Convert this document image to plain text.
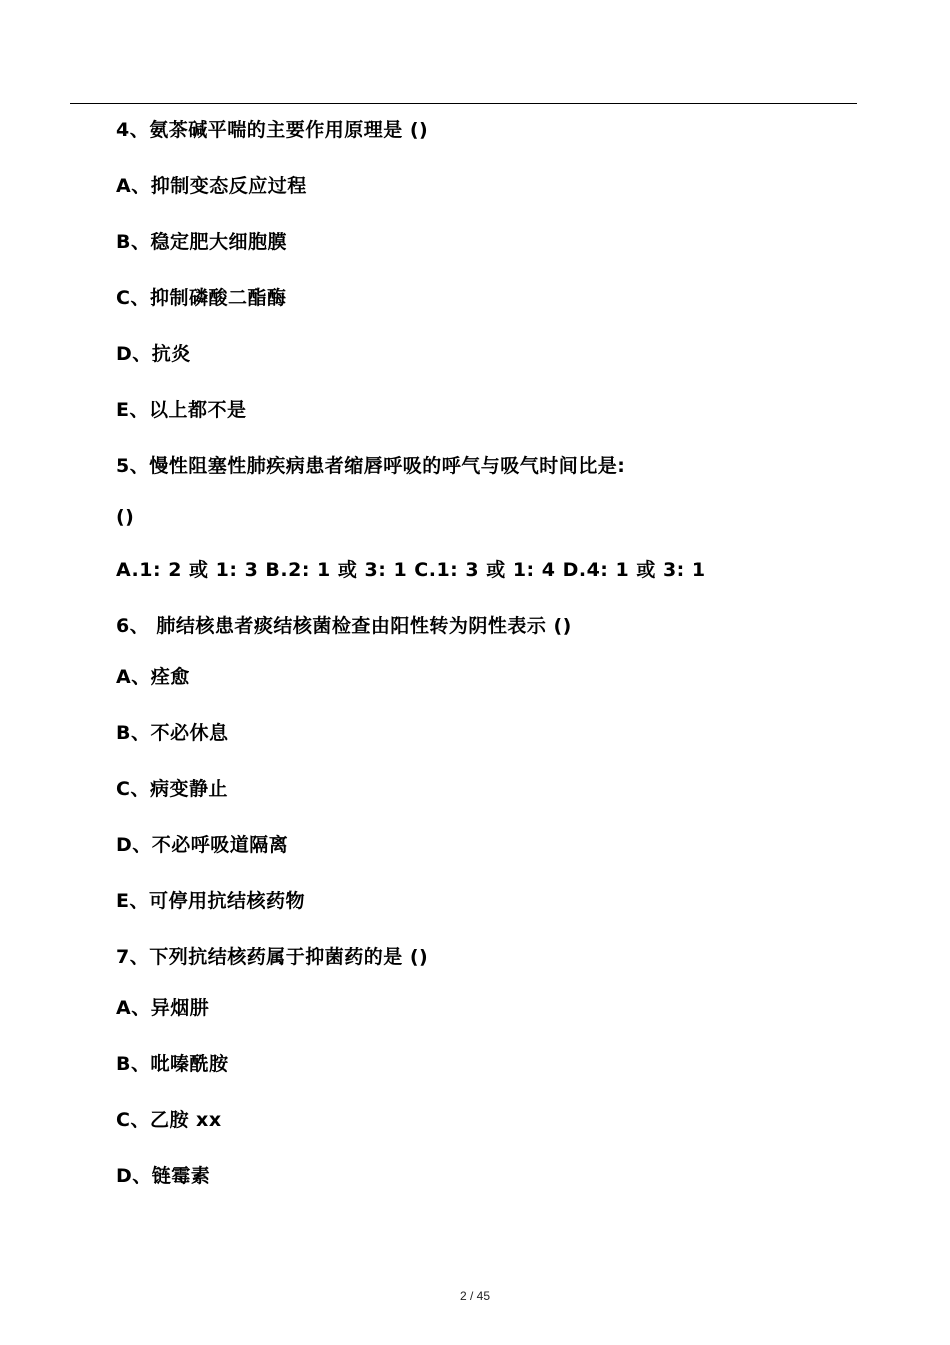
4、氨茶碱平喘的主要作用原理是 ()
A、抑制变态反应过程
B、稳定肥大细胞膜
C、抑制磷酸二酯酶
D、抗炎
E、以上都不是
5、慢性阻塞性肺疾病患者缩唇呼吸的呼气与吸气时间比是:
()
A.1: 2 或 1: 3 B.2: 1 或 3: 1 C.1: 3 或 1: 4 D.4: 1 或 3: 1
6、 肺结核患者痰结核菌检查由阳性转为阴性表示 ()
A、痊愈
B、不必休息
C、病变静止
D、不必呼吸道隔离
E、可停用抗结核药物
7、下列抗结核药属于抑菌药的是 ()
A、异烟肼
B、吡嗪酰胺
C、乙胺 xx
D、链霉素
2 / 45
